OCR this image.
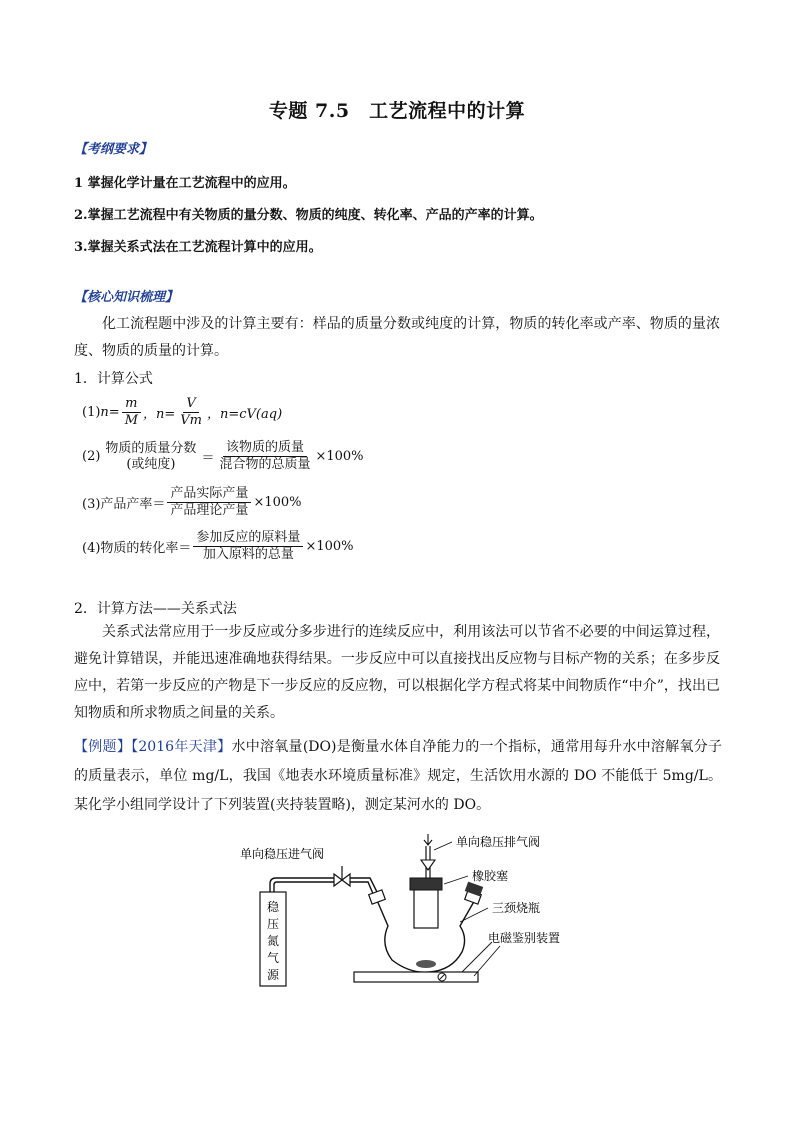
专题 7.5　工艺流程中的计算
【考纲要求】
1 掌握化学计量在工艺流程中的应用。
2.掌握工艺流程中有关物质的量分数、物质的纯度、转化率、产品的产率的计算。
3.掌握关系式法在工艺流程计算中的应用。
【核心知识梳理】
化工流程题中涉及的计算主要有：样品的质量分数或纯度的计算，物质的转化率或产率、物质的量浓度、物质的质量的计算。
1．计算公式
(1) $n= \frac{m}{M}$ ，$n= \frac{V}{Vm}$ ，n=cV(aq)
(2)
物质的质量分数
(或纯度) ＝ $\frac{\text{该物质的质量}}{\text{混合物的总质量}} \times 100\%$
(3)产品产率＝ $\frac{\text{产品实际产量}}{\text{产品理论产量}} \times 100\%$
(4)物质的转化率＝ $\frac{\text{参加反应的原料量}}{\text{加入原料的总量}} \times 100\%$
2．计算方法——关系式法
关系式法常应用于一步反应或分多步进行的连续反应中，利用该法可以节省不必要的中间运算过程，避免计算错误，并能迅速准确地获得结果。一步反应中可以直接找出反应物与目标产物的关系；在多步反应中，若第一步反应的产物是下一步反应的反应物，可以根据化学方程式将某中间物质作“中介”，找出已知物质和所求物质之间量的关系。
【例题】【2016年天津】水中溶氧量(DO)是衡量水体自净能力的一个指标，通常用每升水中溶解氧分子的质量表示，单位 mg/L，我国《地表水环境质量标准》规定，生活饮用水源的 DO 不能低于 5mg/L。某化学小组同学设计了下列装置(夹持装置略)，测定某河水的 DO。
稳
压
氮
气
源
单向稳压进气阀
单向稳压排气阀
橡胶塞
三颈烧瓶
电磁鉴别装置
